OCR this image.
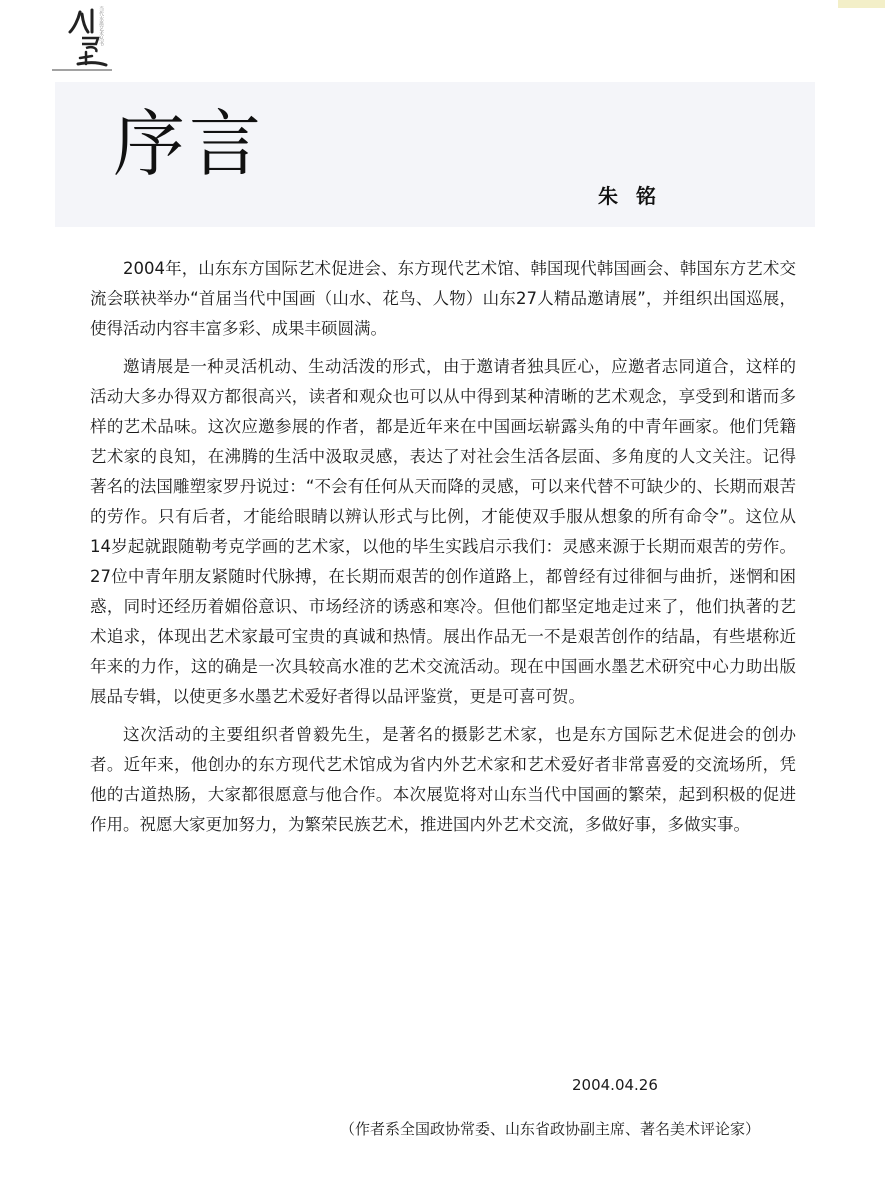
当代水墨艺术丛书
序言
朱铭

2004年，山东东方国际艺术促进会、东方现代艺术馆、韩国现代韩国画会、韩国东方艺术交流会联袂举办“首届当代中国画（山水、花鸟、人物）山东27人精品邀请展”，并组织出国巡展，使得活动内容丰富多彩、成果丰硕圆满。

邀请展是一种灵活机动、生动活泼的形式，由于邀请者独具匠心，应邀者志同道合，这样的活动大多办得双方都很高兴，读者和观众也可以从中得到某种清晰的艺术观念，享受到和谐而多样的艺术品味。这次应邀参展的作者，都是近年来在中国画坛崭露头角的中青年画家。他们凭籍艺术家的良知，在沸腾的生活中汲取灵感，表达了对社会生活各层面、多角度的人文关注。记得著名的法国雕塑家罗丹说过：“不会有任何从天而降的灵感，可以来代替不可缺少的、长期而艰苦的劳作。只有后者，才能给眼睛以辨认形式与比例，才能使双手服从想象的所有命令”。这位从14岁起就跟随勒考克学画的艺术家，以他的毕生实践启示我们：灵感来源于长期而艰苦的劳作。27位中青年朋友紧随时代脉搏，在长期而艰苦的创作道路上，都曾经有过徘徊与曲折，迷惘和困惑，同时还经历着媚俗意识、市场经济的诱惑和寒冷。但他们都坚定地走过来了，他们执著的艺术追求，体现出艺术家最可宝贵的真诚和热情。展出作品无一不是艰苦创作的结晶，有些堪称近年来的力作，这的确是一次具较高水准的艺术交流活动。现在中国画水墨艺术研究中心力助出版展品专辑，以使更多水墨艺术爱好者得以品评鉴赏，更是可喜可贺。

这次活动的主要组织者曾毅先生，是著名的摄影艺术家，也是东方国际艺术促进会的创办者。近年来，他创办的东方现代艺术馆成为省内外艺术家和艺术爱好者非常喜爱的交流场所，凭他的古道热肠，大家都很愿意与他合作。本次展览将对山东当代中国画的繁荣，起到积极的促进作用。祝愿大家更加努力，为繁荣民族艺术，推进国内外艺术交流，多做好事，多做实事。

2004.04.26
（作者系全国政协常委、山东省政协副主席、著名美术评论家）
